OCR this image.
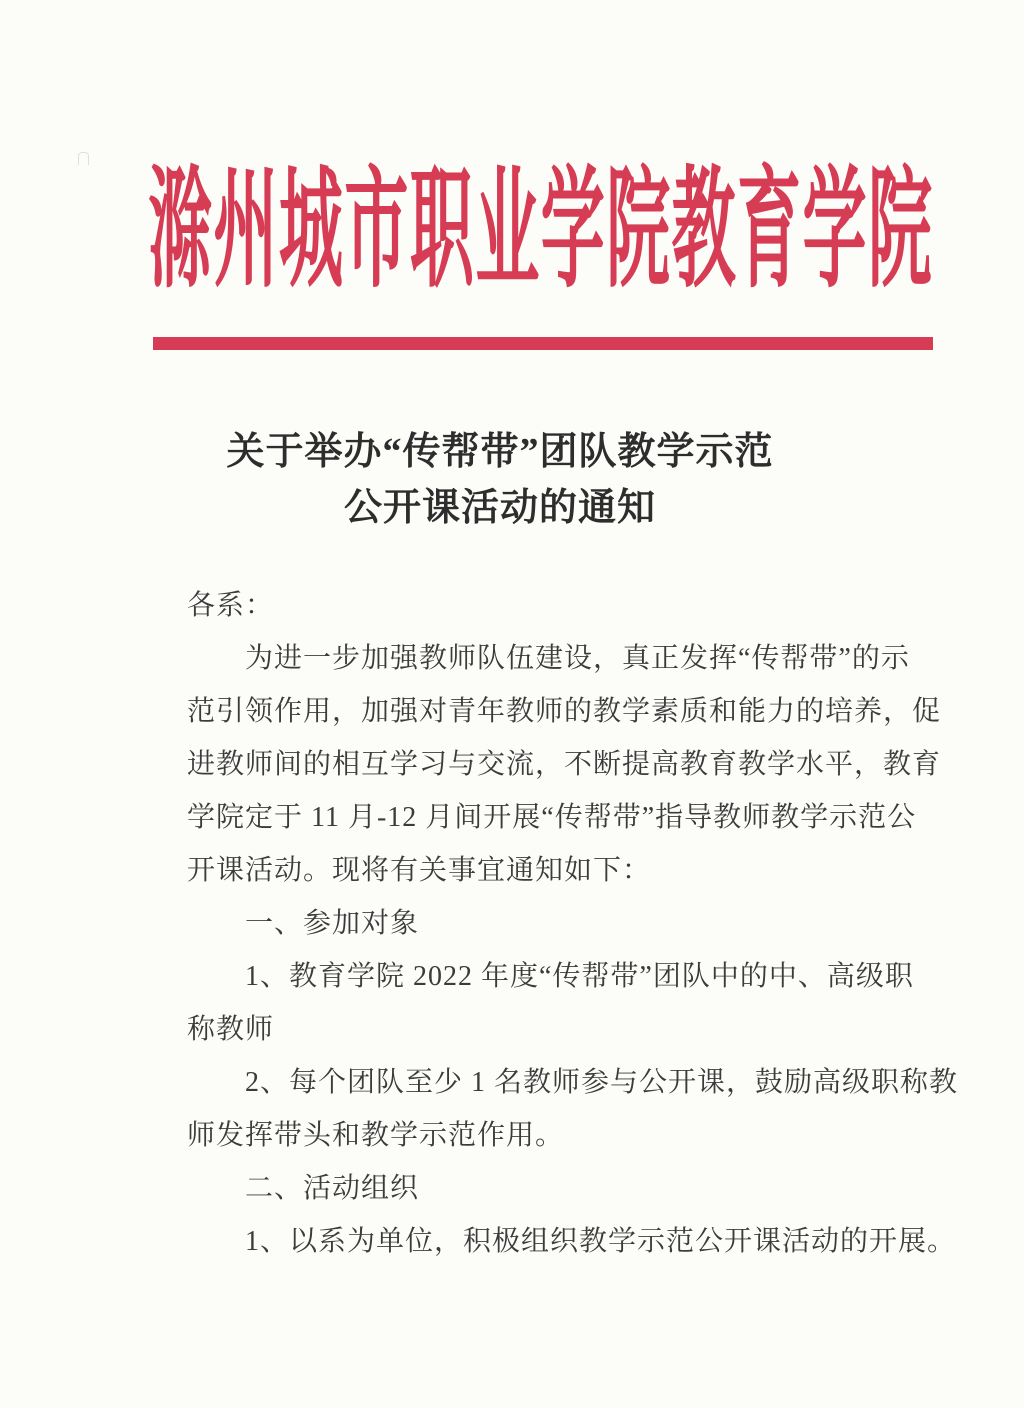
滁 州 城 市 职 业 学 院 教 育 学 院
关于举办“传帮带”团队教学示范
公开课活动的通知
各系：
为进一步加强教师队伍建设，真正发挥“传帮带”的示
范引领作用，加强对青年教师的教学素质和能力的培养，促
进教师间的相互学习与交流，不断提高教育教学水平，教育
学院定于 11 月-12 月间开展“传帮带”指导教师教学示范公
开课活动。现将有关事宜通知如下：
一、参加对象
1、教育学院 2022 年度“传帮带”团队中的中、高级职
称教师
2、每个团队至少 1 名教师参与公开课，鼓励高级职称教
师发挥带头和教学示范作用。
二、活动组织
1、以系为单位，积极组织教学示范公开课活动的开展。
